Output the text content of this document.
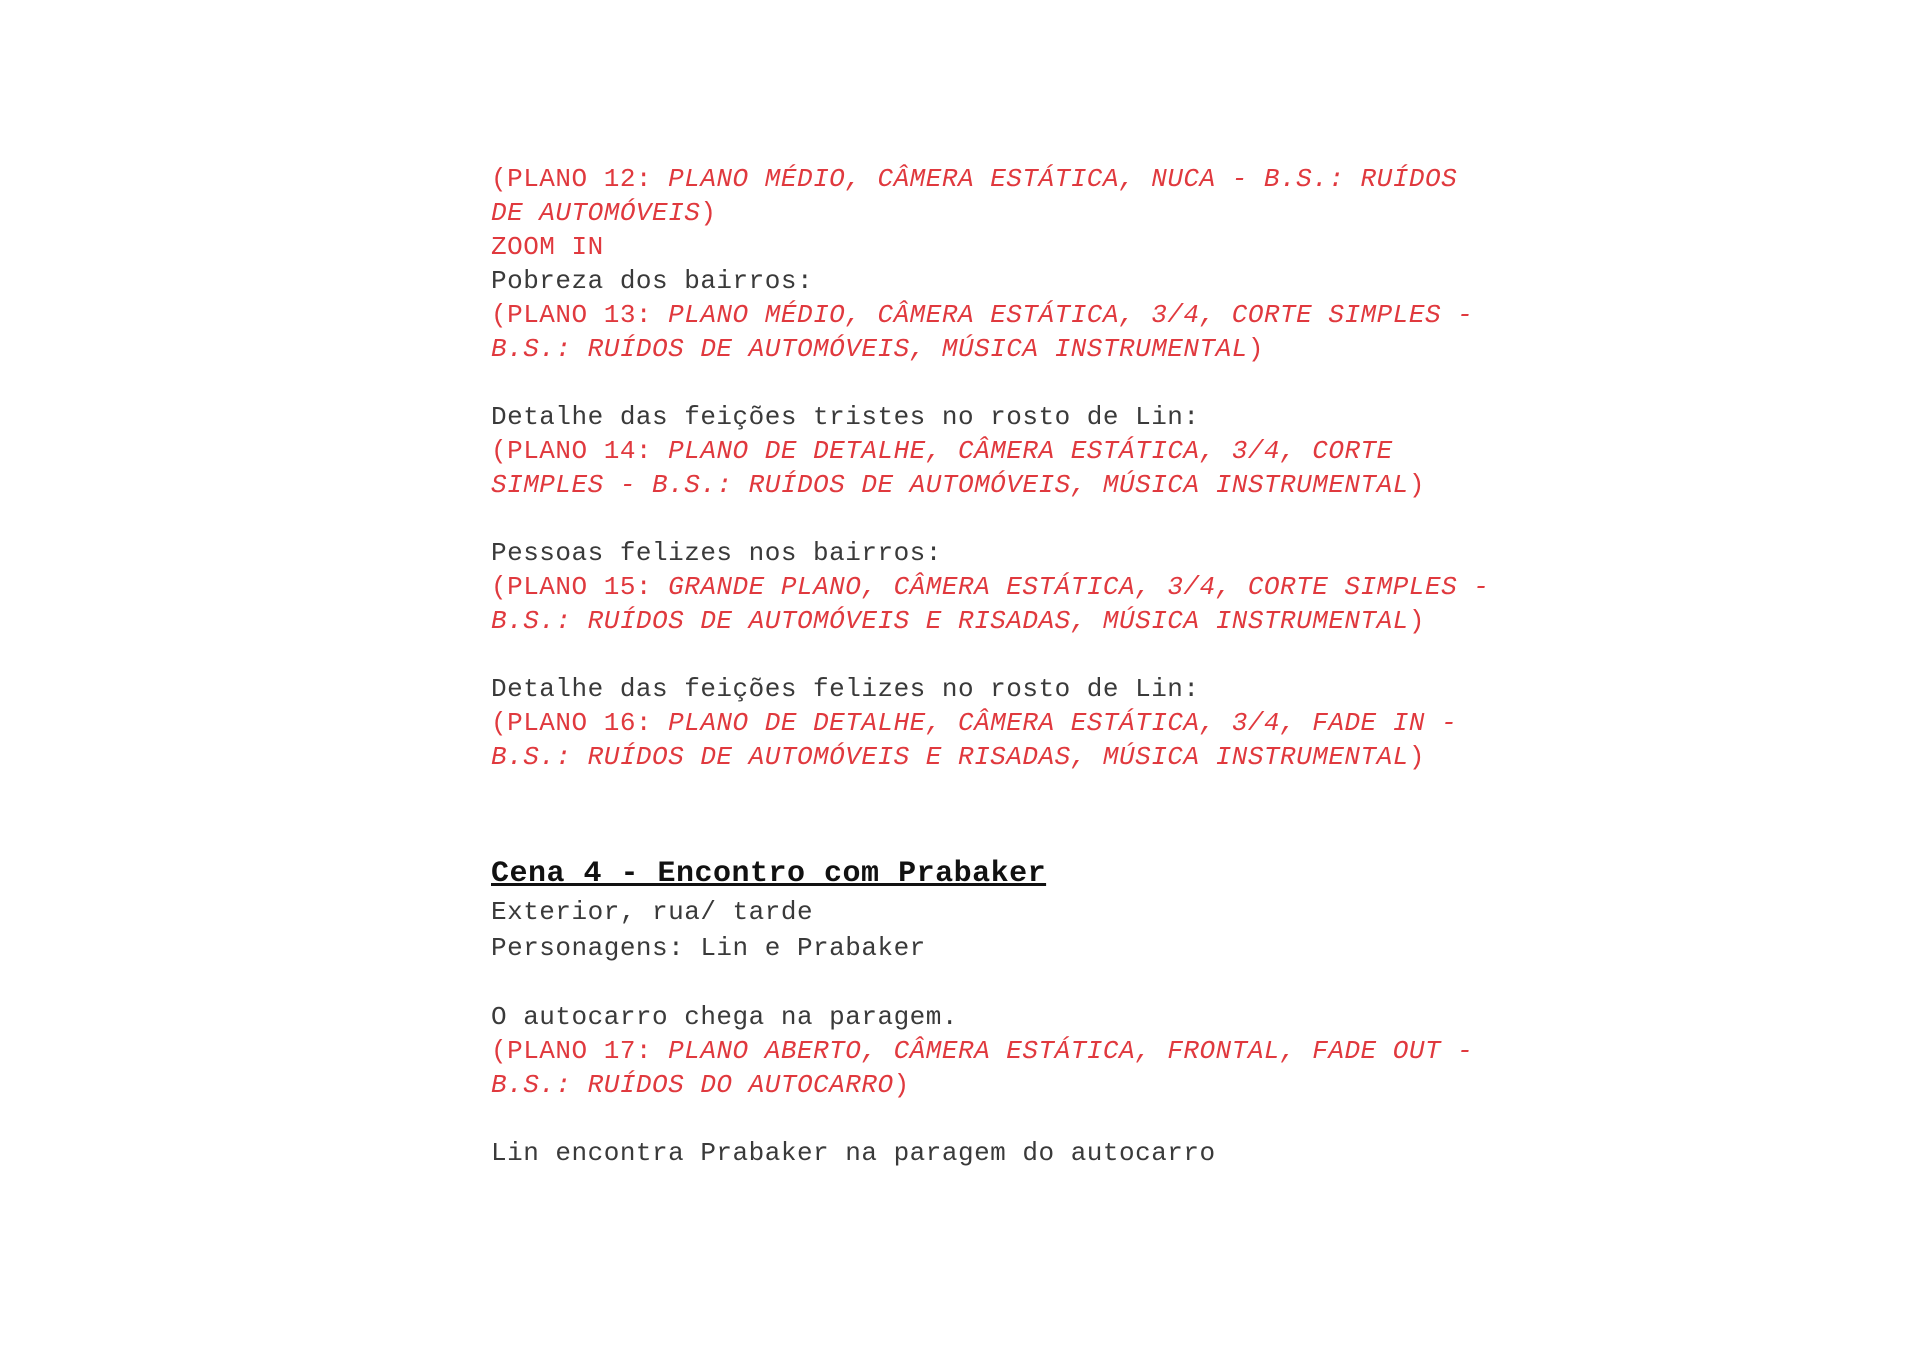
(PLANO 12: PLANO MÉDIO, CÂMERA ESTÁTICA, NUCA - B.S.: RUÍDOS
DE AUTOMÓVEIS)
ZOOM IN
Pobreza dos bairros:
(PLANO 13: PLANO MÉDIO, CÂMERA ESTÁTICA, 3/4, CORTE SIMPLES -
B.S.: RUÍDOS DE AUTOMÓVEIS, MÚSICA INSTRUMENTAL)
Detalhe das feições tristes no rosto de Lin:
(PLANO 14: PLANO DE DETALHE, CÂMERA ESTÁTICA, 3/4, CORTE
SIMPLES - B.S.: RUÍDOS DE AUTOMÓVEIS, MÚSICA INSTRUMENTAL)
Pessoas felizes nos bairros:
(PLANO 15: GRANDE PLANO, CÂMERA ESTÁTICA, 3/4, CORTE SIMPLES -
B.S.: RUÍDOS DE AUTOMÓVEIS E RISADAS, MÚSICA INSTRUMENTAL)
Detalhe das feições felizes no rosto de Lin:
(PLANO 16: PLANO DE DETALHE, CÂMERA ESTÁTICA, 3/4, FADE IN -
B.S.: RUÍDOS DE AUTOMÓVEIS E RISADAS, MÚSICA INSTRUMENTAL)
Cena 4 - Encontro com Prabaker
Exterior, rua/ tarde
Personagens: Lin e Prabaker
O autocarro chega na paragem.
(PLANO 17: PLANO ABERTO, CÂMERA ESTÁTICA, FRONTAL, FADE OUT -
B.S.: RUÍDOS DO AUTOCARRO)
Lin encontra Prabaker na paragem do autocarro
